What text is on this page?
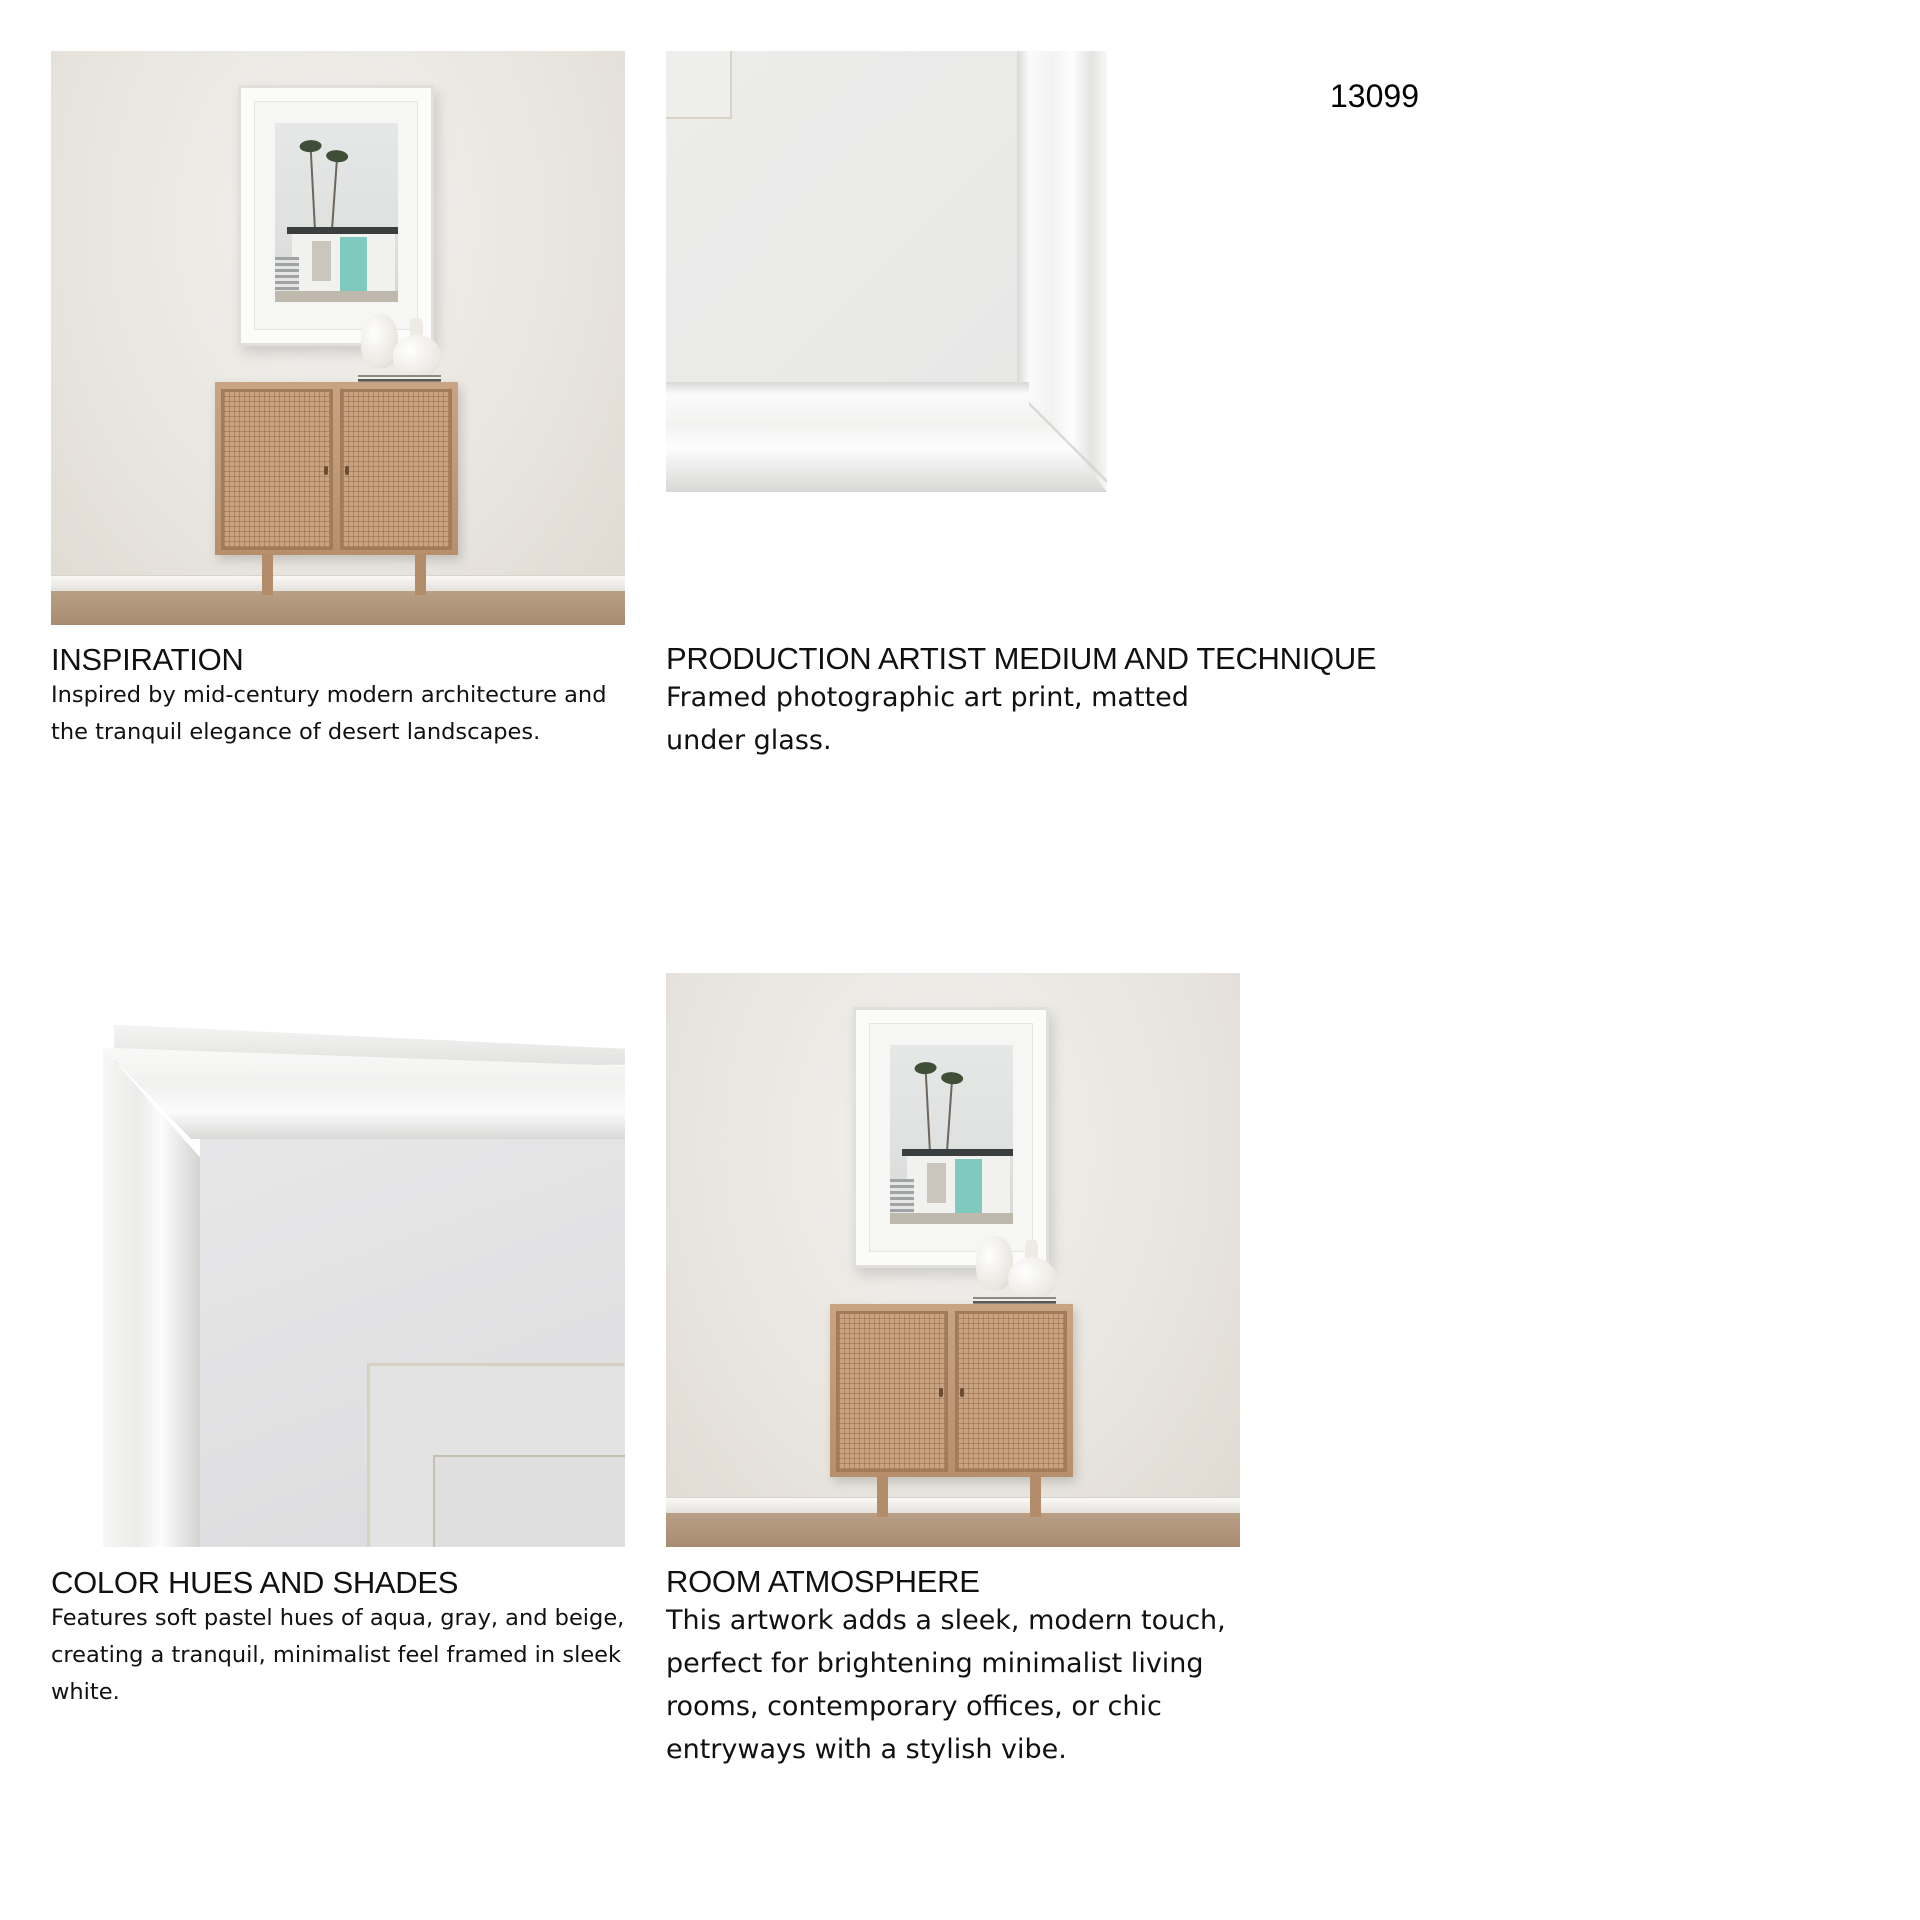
13099
INSPIRATION
Inspired by mid-century modern architecture and the tranquil elegance of desert landscapes.
PRODUCTION ARTIST MEDIUM AND TECHNIQUE
Framed photographic art print, matted under glass.
COLOR HUES AND SHADES
Features soft pastel hues of aqua, gray, and beige, creating a tranquil, minimalist feel framed in sleek white.
ROOM ATMOSPHERE
This artwork adds a sleek, modern touch, perfect for brightening minimalist living rooms, contemporary offices, or chic entryways with a stylish vibe.
